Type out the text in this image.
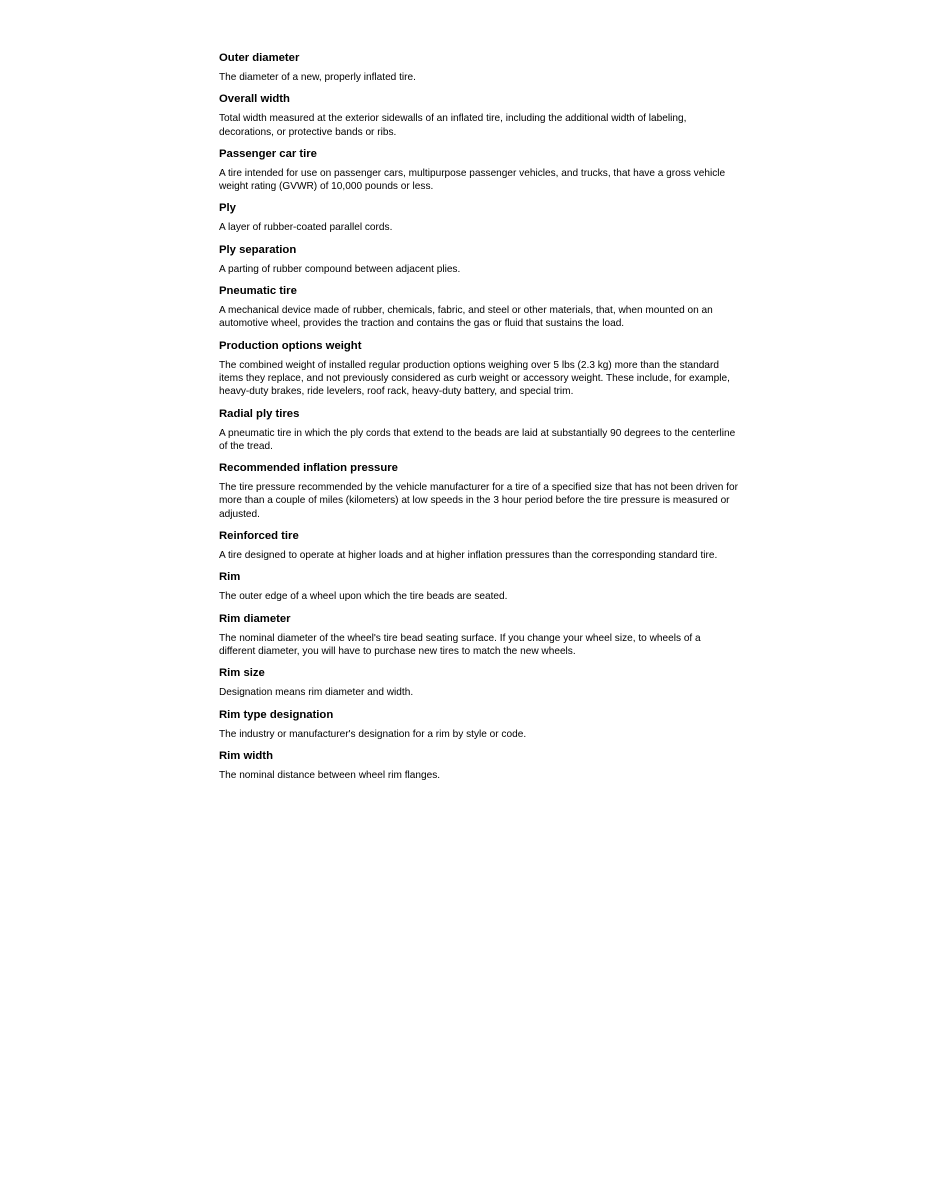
Outer diameter

The diameter of a new, properly inflated tire.

Overall width

Total width measured at the exterior sidewalls of an inflated tire, including the additional width of labeling, decorations, or protective bands or ribs.

Passenger car tire

A tire intended for use on passenger cars, multipurpose passenger vehicles, and trucks, that have a gross vehicle weight rating (GVWR) of 10,000 pounds or less.

Ply

A layer of rubber-coated parallel cords.

Ply separation

A parting of rubber compound between adjacent plies.

Pneumatic tire

A mechanical device made of rubber, chemicals, fabric, and steel or other materials, that, when mounted on an automotive wheel, provides the traction and contains the gas or fluid that sustains the load.

Production options weight

The combined weight of installed regular production options weighing over 5 lbs (2.3 kg) more than the standard items they replace, and not previously considered as curb weight or accessory weight. These include, for example, heavy-duty brakes, ride levelers, roof rack, heavy-duty battery, and special trim.

Radial ply tires

A pneumatic tire in which the ply cords that extend to the beads are laid at substantially 90 degrees to the centerline of the tread.

Recommended inflation pressure

The tire pressure recommended by the vehicle manufacturer for a tire of a specified size that has not been driven for more than a couple of miles (kilometers) at low speeds in the 3 hour period before the tire pressure is measured or adjusted.

Reinforced tire

A tire designed to operate at higher loads and at higher inflation pressures than the corresponding standard tire.

Rim

The outer edge of a wheel upon which the tire beads are seated.

Rim diameter

The nominal diameter of the wheel's tire bead seating surface. If you change your wheel size, to wheels of a different diameter, you will have to purchase new tires to match the new wheels.

Rim size

Designation means rim diameter and width.

Rim type designation

The industry or manufacturer's designation for a rim by style or code.

Rim width

The nominal distance between wheel rim flanges.
